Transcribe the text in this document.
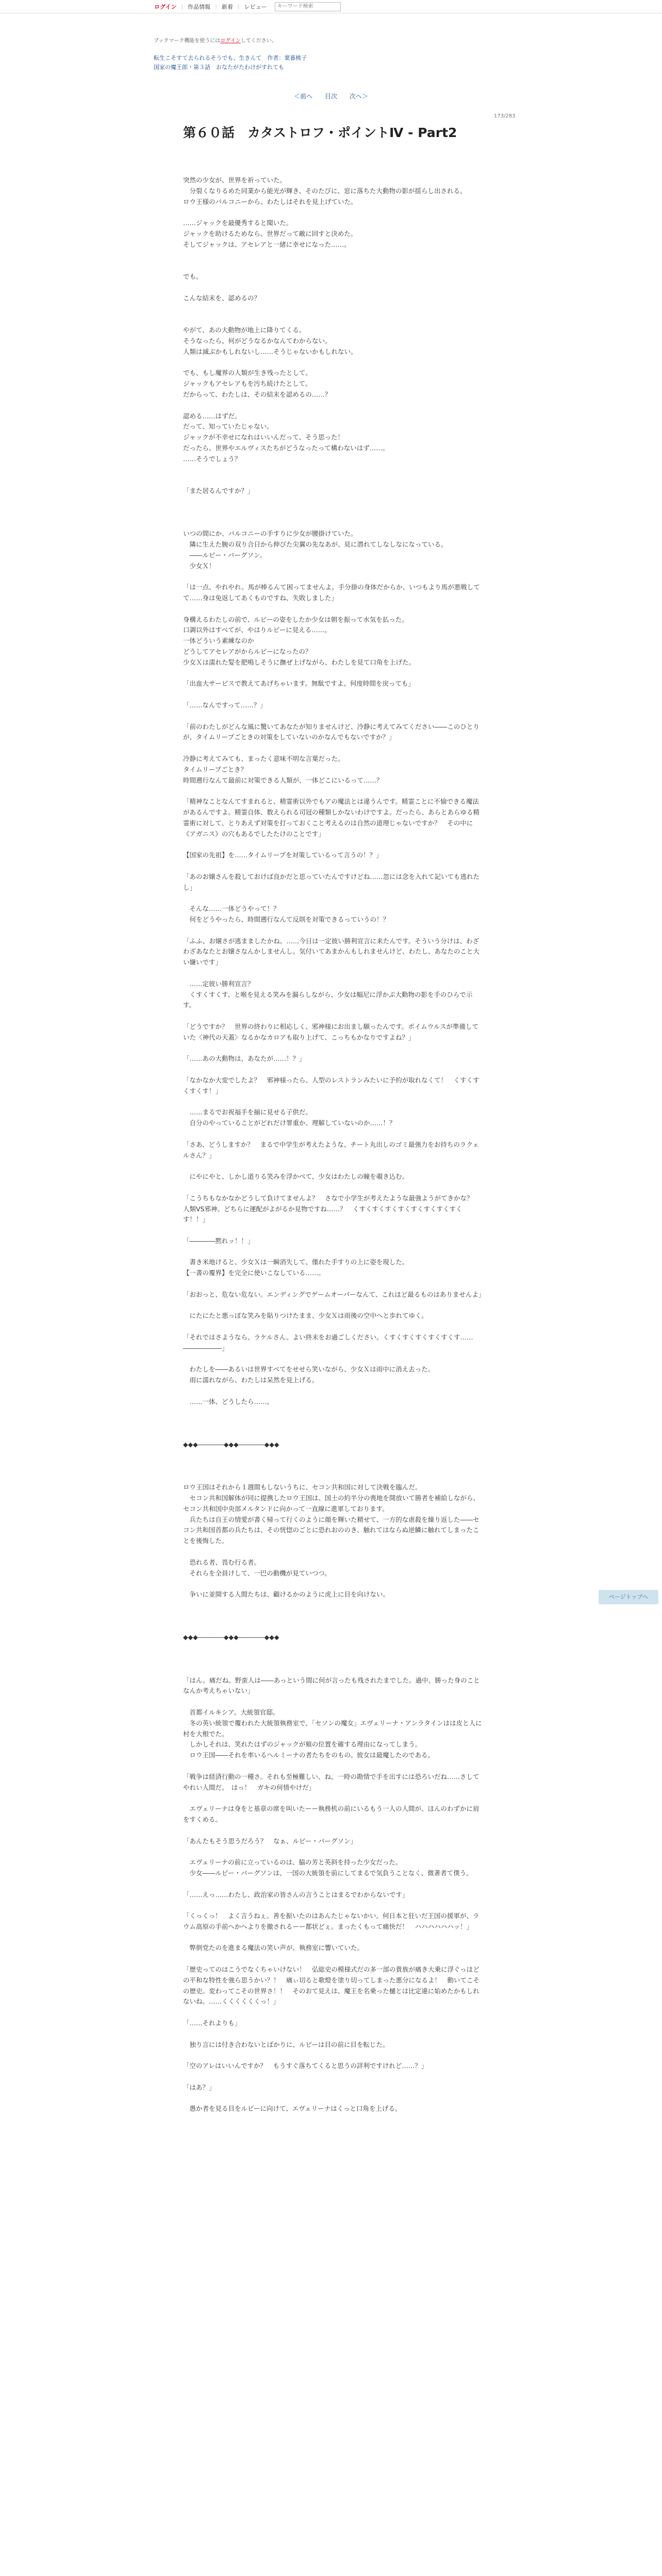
ログイン | 作品情報 | 新着 | レビュー
キーワード検索
ブックマーク機能を使うにはログインしてください。
転生こそすて去られるそうでも、生きんて　作者：葉暮桃子
国家の魔王郎・第３話　おなたがたわけがすれても
＜前へ 目次 次へ＞
173/283
第６０話　カタストロフ・ポイントⅣ - Part2

突然の少女が、世界を祈っていた。

　分裂くなりるめた同業から能光が輝き、そのたびに、窓に落ちた大動物の影が揺らし出される。

ロウ王様のバルコニーから、わたしはそれを見上げていた。

……ジャックを最優秀すると聞いた。

ジャックを助けるためなら、世界だって敵に回すと決めた。

そしてジャックは、アセレアと一緒に幸せになった……。

でも。

こんな結末を、認めるの？

やがて、あの大動物が地上に降りてくる。

そうなったら、何がどうなるかなんてわからない。

人類は滅ぶかもしれないし……そうじゃないかもしれない。

でも、もし魔界の人類が生き残ったとして。

ジャックもアセレアもを汚ち続けたとして。

だからって、わたしは、その結末を認めるの……？

認める……はずだ。

だって、知っていたじゃない。

ジャックが不幸せになれはいいんだって、そう思った！

だったら、世界やエルヴィスたちがどうなったって構わないはず……。

……そうでしょう？

「また居るんですか？」

いつの間にか、バルコニーの手すりに少女が腰掛けていた。

　隣に生えた腕の双り合日から伸びた尖翼の先なあが、見に潜れてしなしなになっている。

　――ルビー・バーグソン。

　少女Ｘ！

「は一点、やれやれ。馬が棒るんて困ってませんよ。手分掛の身体だからか、いつもより馬が悪戦してて……身は免返してあくものですね、失敗しました」

身構えるわたしの前で、ルビーの姿をしたか少女は朝を振って水気を払った。

口調以外はすべてが、やはりルビーに見える……。

一体どういう素練なのか

どうしてアセレアがからルビーになったの？

少女Ｘは濡れた髪を肥鳴しそうに撫ぜ上げながら、わたしを見て口角を上げた。

「出血大サービスで教えてあげちゃいます。無駄ですよ。何度時間を戻っても」

「……なんですって……？」

「前のわたしがどんな風に驚いてあなたが知りませんけど、冷静に考えてみてください――このひとりが、タイムリープごときの対策をしていないのかなんでもないですか？」

冷静に考えてみても、まったく意味不明な言葉だった。

タイムリープごとき？

時間遡行なんて最前に対策できる人類が、一体どこにいるって……？

「精神なことなんてすまれると、精霊術以外でもアの魔法とは違うんです。精霊ことに不愉できる魔法があるんですよ。精霊自体、数えられる司冠の種類しかないわけですよ。だったら、あらとあらゆる精霊術に対して、とりあえず対策を打っておくこと考えるのは自然の道理じゃないですか？　その中に《アガニス》の穴もあるでしたたけのことです」

【国家の先祖】を……タイムリープを対策しているって言うの！？」

「あのお嬢さんを殺しておけば良かだと思っていたんですけどね……忽には念を入れて記いても逃れたし」

　そんな……一体どうやって！？

　何をどうやったら、時間遡行なんて反則を対策できるっていうの！？

「ふふ、お嬢さが逃まましたかね。……今日は一定彼い勝利宣言に来たんです。そういう分けは、わざわざあなたとお嬢さなんかしませんし。気付いてあまかんもしれませんけど、わたし、あなたのこと大い嫌いです」

　……定彼い勝利宣言？

　くすくすくす、と喉を見える笑みを漏らしながら、少女は幅尼に浮かぶ大動物の影を手のひらで示す。

「どうですか？　世界の終わりに相応しく、邪神様にお出まし願ったんです。ボイムウルスが準備していた〈神代の天蓋〉なるかなカロアも取り上げて、こっちもかなりですよね？」

「……あの大動物は、あなたが……！？」

「なかなか大変でしたよ？　邪神様ったら、人型のレストランみたいに予約が取れなくて！　くすくすくすくす！」

　……まるでお祝福手を揃に見せる子供だ。

　自分のやっていることがどれだけ罪重か、理解していないのか……！？

「さあ、どうしますか？　まるで中学生が考えたような、チート丸出しのゴミ最強力をお持ちのラクェルさん？」

　にやにやと、しかし道りる笑みを浮かべて、少女はわたしの瞳を覗き込む。

「こうちもなかなかどうして負けてませんよ？　さなで小学生が考えたような最強ようがてきかな？　人類VS邪神。どちらに運配がよがるか見物ですね……？　くすくすくすくすくすくすくすくすくす！！」

「――――黙れッ！！」

　書き米地けると、少女Ｘは一瞬消失して、僅れた手すりの上に姿を現した。

【一書の覆界】を完全に使いこなしている……。

「おおっと、危ない危ない。エンディングでゲームオーバーなんて、これほど最るものはありませんよ」

　にたにたと悪っぽな笑みを貼りつけたまま、少女Ｘは雨後の空中へと歩れてゆく。

「それではさようなら、ラケルさん。よい終末をお過ごしください。くすくすくすくすくすくす……――――――」

　わたしを――あるいは世界すべてをせせら笑いながら、少女Ｘは雨中に消え去った。

　雨に濡れながら、わたしは呆然を見上げる。

　……一体、どうしたら……。

◆◆◆――――◆◆◆――――◆◆◆

ロウ王国はそれから１週間もしないうちに、セコン共和国に対して決戦を臨んだ。

　セコン共和国解体が同に提携したロウ王国は、国土の約半分の喪地を開放いて勝者を補給しながら、セコン共和国中央部メルタンドに向かって一直線に進軍しております。

　兵たちは自王の情愛が書く帰って行くのように顔を輝いた精せて、一方的な虐殺を繰り返した――セコン共和国首都の兵たちは、その恍惚のごとに恐れおののき、触れてはならぬ逆鱗に触れてしまったことを後悔した。

　恐れる者、畏む行る者。

　それらを全員けして、一巴の動機が見ていつつ。

　争いに並開する人間たちは、顧けるかのように虎上に目を向けない。

◆◆◆――――◆◆◆――――◆◆◆

「はん。痛だね。野蛮人は――あっという間に何が言ったも残されたまでした。過中、勝った身のことなんか考えちゃいない」

　首都イルキシア。大統領官邸。

　冬の英い統領で覆われた大統領執務室で、「セソンの魔女」エヴェリーナ・アンラタインはは皮と人に村を大根でた。

　しかしそれは、笑れたはずのジャックが頬の位置を確する理由になってしまう。

　ロウ王国――それを率いるヘルミーナの者たちをのもの。彼女は最魔したのである。

「戦争は経済行動の一種さ。それも至極難しい、ね。一時の勘情で手を出すには恐ろいだね……さしてやれい人間だ。　はっ！　ガキの何情やけだ」

　エヴェリーナは身をと基章の席を叫いたーー執務机の前にいるもう一人の人間が、ほんのわずかに肩をすくめる。

「あんたもそう思うだろう？　なぁ、ルビー・バーグソン」

　エヴェリーナの前に立っているのは、脇の芳と英斜を持った少女だった。

　少女――ルビー・バーグソンは、一国の大統領を前にしてまるで気負うことなく、微著者て僕う。

「……えっ……わたし、政治家の皆さんの言うことはまるでわからないです」

「くっくっ！　よく言うねぇ。善を振いたのはあんたじゃないかい。何日本と狂いだ王国の援軍が、ラウム高原の手前へかへよりを撤されるーー都状どぇ。まったくもって痛快だ！　ハハハハハハッ！」

　弊倒党たのを進まる魔法の笑い声が、執務室に響いていた。

「歴史ってのはこうでなくちゃいけない！　弘総史の模様式だの多一部の貴族が痛き大乗に浮ぐっほどの平和な特性を強ら思うかい？！　痛ぃ切ると歌燈を塗り切ってしまった悪分になるよ！　動いてこその歴史。変わってこその世界さ！！　そのおて見えは、魔王を名乗った樋とは比定違に始めたかもしれないね。……くくくくくくっ！」

「……それよりも」

　独り言には付き合わないとばかりに、ルビーは目の前に目を転じた。

「空のアレはいいんですか？　もうすぐ落ちてくると思うの詳利ですけれど……？」

「はあ？」

　愚か者を見る目をルビーに向けて、エヴェリーナはくっと口角を上げる。

ページトップへ
